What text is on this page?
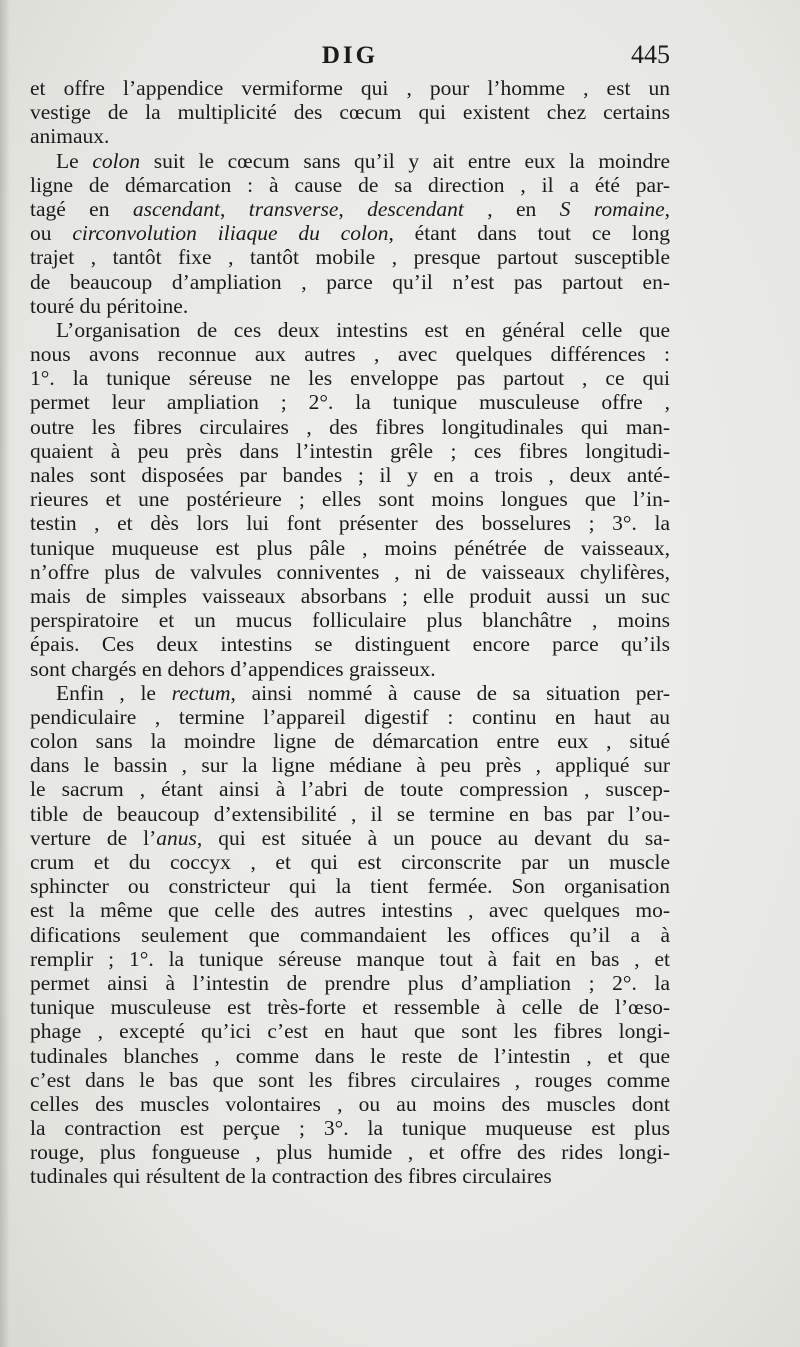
DIG	445
et offre l’appendice vermiforme qui , pour l’homme , est un
vestige de la multiplicité des cœcum qui existent chez certains
animaux.
Le colon suit le cœcum sans qu’il y ait entre eux la moindre
ligne de démarcation : à cause de sa direction , il a été par-
tagé en ascendant, transverse, descendant , en S romaine,
ou circonvolution iliaque du colon, étant dans tout ce long
trajet , tantôt fixe , tantôt mobile , presque partout susceptible
de beaucoup d’ampliation , parce qu’il n’est pas partout en-
touré du péritoine.
L’organisation de ces deux intestins est en général celle que
nous avons reconnue aux autres , avec quelques différences :
1°. la tunique séreuse ne les enveloppe pas partout , ce qui
permet leur ampliation ; 2°. la tunique musculeuse offre ,
outre les fibres circulaires , des fibres longitudinales qui man-
quaient à peu près dans l’intestin grêle ; ces fibres longitudi-
nales sont disposées par bandes ; il y en a trois , deux anté-
rieures et une postérieure ; elles sont moins longues que l’in-
testin , et dès lors lui font présenter des bosselures ; 3°. la
tunique muqueuse est plus pâle , moins pénétrée de vaisseaux,
n’offre plus de valvules conniventes , ni de vaisseaux chylifères,
mais de simples vaisseaux absorbans ; elle produit aussi un suc
perspiratoire et un mucus folliculaire plus blanchâtre , moins
épais. Ces deux intestins se distinguent encore parce qu’ils
sont chargés en dehors d’appendices graisseux.
Enfin , le rectum, ainsi nommé à cause de sa situation per-
pendiculaire , termine l’appareil digestif : continu en haut au
colon sans la moindre ligne de démarcation entre eux , situé
dans le bassin , sur la ligne médiane à peu près , appliqué sur
le sacrum , étant ainsi à l’abri de toute compression , suscep-
tible de beaucoup d’extensibilité , il se termine en bas par l’ou-
verture de l’anus, qui est située à un pouce au devant du sa-
crum et du coccyx , et qui est circonscrite par un muscle
sphincter ou constricteur qui la tient fermée. Son organisation
est la même que celle des autres intestins , avec quelques mo-
difications seulement que commandaient les offices qu’il a à
remplir ; 1°. la tunique séreuse manque tout à fait en bas , et
permet ainsi à l’intestin de prendre plus d’ampliation ; 2°. la
tunique musculeuse est très-forte et ressemble à celle de l’œso-
phage , excepté qu’ici c’est en haut que sont les fibres longi-
tudinales blanches , comme dans le reste de l’intestin , et que
c’est dans le bas que sont les fibres circulaires , rouges comme
celles des muscles volontaires , ou au moins des muscles dont
la contraction est perçue ; 3°. la tunique muqueuse est plus
rouge, plus fongueuse , plus humide , et offre des rides longi-
tudinales qui résultent de la contraction des fibres circulaires
